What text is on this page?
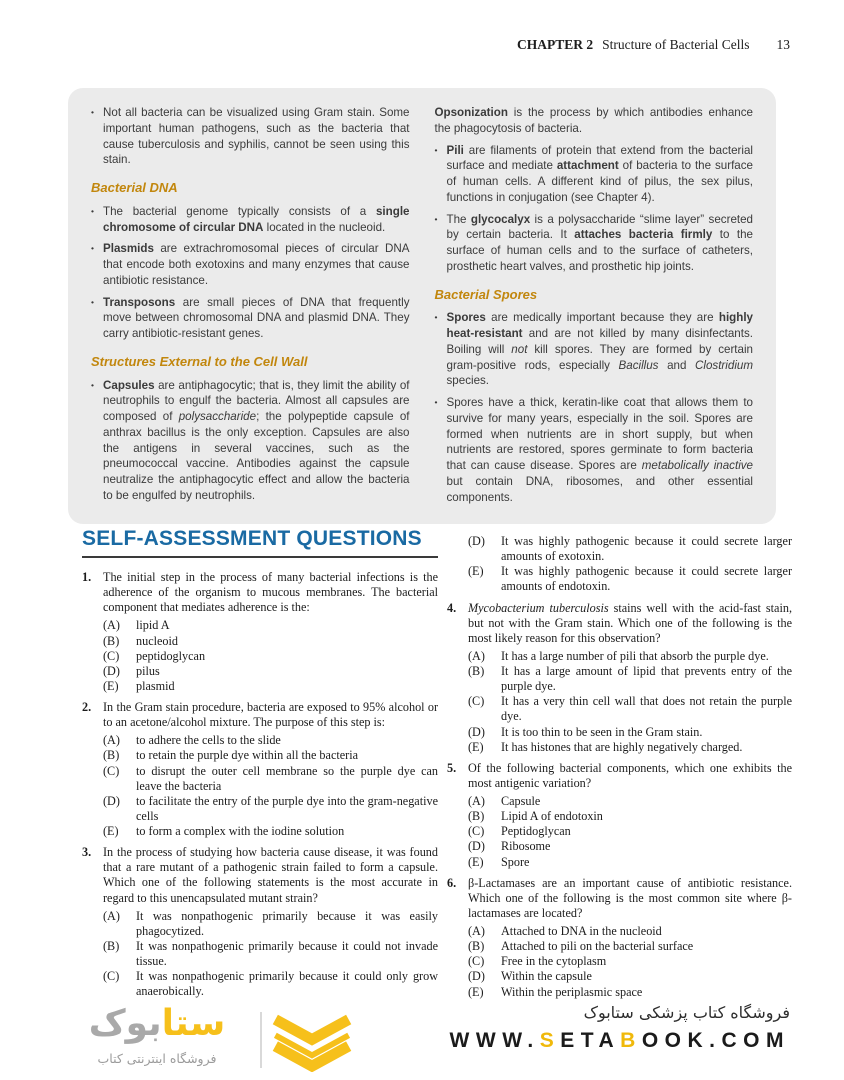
CHAPTER 2 Structure of Bacterial Cells 13
•
Not all bacteria can be visualized using Gram stain. Some important human pathogens, such as the bacteria that cause tuberculosis and syphilis, cannot be seen using this stain.
Bacterial DNA
•
The bacterial genome typically consists of a single chromosome of circular DNA located in the nucleoid.
•
Plasmids are extrachromosomal pieces of circular DNA that encode both exotoxins and many enzymes that cause antibiotic resistance.
•
Transposons are small pieces of DNA that frequently move between chromosomal DNA and plasmid DNA. They carry antibiotic-resistant genes.
Structures External to the Cell Wall
•
Capsules are antiphagocytic; that is, they limit the ability of neutrophils to engulf the bacteria. Almost all capsules are composed of polysaccharide; the polypeptide capsule of anthrax bacillus is the only exception. Capsules are also the antigens in several vaccines, such as the pneumococcal vaccine. Antibodies against the capsule neutralize the antiphagocytic effect and allow the bacteria to be engulfed by neutrophils.
Opsonization is the process by which antibodies enhance the phagocytosis of bacteria.
•
Pili are filaments of protein that extend from the bacterial surface and mediate attachment of bacteria to the surface of human cells. A different kind of pilus, the sex pilus, functions in conjugation (see Chapter 4).
•
The glycocalyx is a polysaccharide “slime layer” secreted by certain bacteria. It attaches bacteria firmly to the surface of human cells and to the surface of catheters, prosthetic heart valves, and prosthetic hip joints.
Bacterial Spores
•
Spores are medically important because they are highly heat-resistant and are not killed by many disinfectants. Boiling will not kill spores. They are formed by certain gram-positive rods, especially Bacillus and Clostridium species.
•
Spores have a thick, keratin-like coat that allows them to survive for many years, especially in the soil. Spores are formed when nutrients are in short supply, but when nutrients are restored, spores germinate to form bacteria that can cause disease. Spores are metabolically inactive but contain DNA, ribosomes, and other essential components.
SELF-ASSESSMENT QUESTIONS
1. The initial step in the process of many bacterial infections is the adherence of the organism to mucous membranes. The bacterial component that mediates adherence is the:
(A)	lipid A
(B)	nucleoid
(C)	peptidoglycan
(D)	pilus
(E)	plasmid
2. In the Gram stain procedure, bacteria are exposed to 95% alcohol or to an acetone/alcohol mixture. The purpose of this step is:
(A)	to adhere the cells to the slide
(B)	to retain the purple dye within all the bacteria
(C)	to disrupt the outer cell membrane so the purple dye can leave the bacteria
(D)	to facilitate the entry of the purple dye into the gram-negative cells
(E)	to form a complex with the iodine solution
3. In the process of studying how bacteria cause disease, it was found that a rare mutant of a pathogenic strain failed to form a capsule. Which one of the following statements is the most accurate in regard to this unencapsulated mutant strain?
(A)	It was nonpathogenic primarily because it was easily phagocytized.
(B)	It was nonpathogenic primarily because it could not invade tissue.
(C)	It was nonpathogenic primarily because it could only grow anaerobically.
(D)	It was highly pathogenic because it could secrete larger amounts of exotoxin.
(E)	It was highly pathogenic because it could secrete larger amounts of endotoxin.
4. Mycobacterium tuberculosis stains well with the acid-fast stain, but not with the Gram stain. Which one of the following is the most likely reason for this observation?
(A)	It has a large number of pili that absorb the purple dye.
(B)	It has a large amount of lipid that prevents entry of the purple dye.
(C)	It has a very thin cell wall that does not retain the purple dye.
(D)	It is too thin to be seen in the Gram stain.
(E)	It has histones that are highly negatively charged.
5. Of the following bacterial components, which one exhibits the most antigenic variation?
(A)	Capsule
(B)	Lipid A of endotoxin
(C)	Peptidoglycan
(D)	Ribosome
(E)	Spore
6. β-Lactamases are an important cause of antibiotic resistance. Which one of the following is the most common site where β-lactamases are located?
(A)	Attached to DNA in the nucleoid
(B)	Attached to pili on the bacterial surface
(C)	Free in the cytoplasm
(D)	Within the capsule
(E)	Within the periplasmic space
ستابوک
فروشگاه اینترنتی کتاب
فروشگاه کتاب پزشکی ستابوک
WWW.SETABOOK.COM
